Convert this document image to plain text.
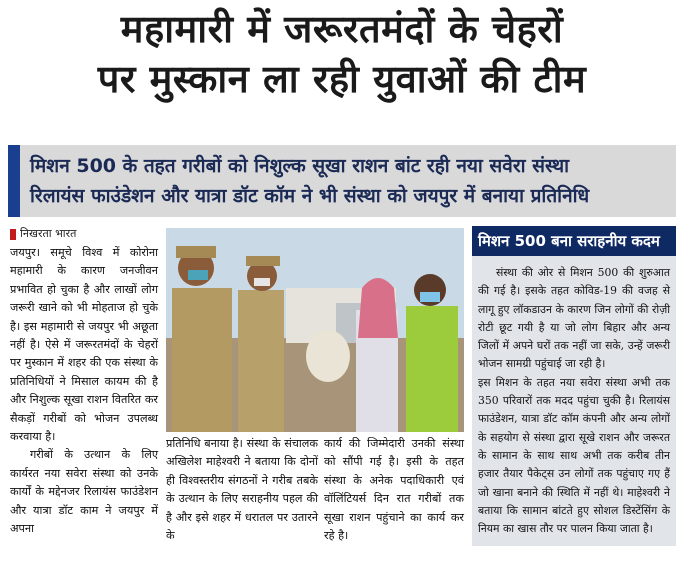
महामारी में जरूरतमंदों के चेहरों
पर मुस्कान ला रही युवाओं की टीम
मिशन 500 के तहत गरीबों को निशुल्क सूखा राशन बांट रही नया सवेरा संस्था
रिलायंस फाउंडेशन और यात्रा डॉट कॉम ने भी संस्था को जयपुर में बनाया प्रतिनिधि
निखरता भारत

जयपुर। समूचे विश्व में कोरोना महामारी के कारण जनजीवन प्रभावित हो चुका है और लाखों लोग जरूरी खाने को भी मोहताज हो चुके है। इस महामारी से जयपुर भी अछूता नहीं है। ऐसे में जरूरतमंदों के चेहरों पर मुस्कान में शहर की एक संस्था के प्रतिनिधियों ने मिसाल कायम की है और निशुल्क सूखा राशन वितरित कर सैकड़ों गरीबों को भोजन उपलब्ध करवाया है।

गरीबों के उत्थान के लिए कार्यरत नया सवेरा संस्था को उनके कार्यों के मद्देनजर रिलायंस फाउंडेशन और यात्रा डॉट काम ने जयपुर में अपना

प्रतिनिधि बनाया है। संस्था के संचालक अखिलेश माहेश्वरी ने बताया कि दोनों ही विश्वस्तरीय संगठनों ने गरीब तबके के उत्थान के लिए सराहनीय पहल की है और इसे शहर में धरातल पर उतारने के

कार्य की जिम्मेदारी उनकी संस्था को सौंपी गई है। इसी के तहत संस्था के अनेक पदाधिकारी एवं वॉलिंटियर्स दिन रात गरीबों तक सूखा राशन पहुंचाने का कार्य कर रहे है।

मिशन 500 बना सराहनीय कदम

संस्था की ओर से मिशन 500 की शुरुआत की गई है। इसके तहत कोविड-19 की वजह से लागू हुए लॉकडाउन के कारण जिन लोगों की रोज़ी रोटी छूट गयी है या जो लोग बिहार और अन्य जिलों में अपने घरों तक नहीं जा सके, उन्हें जरूरी भोजन सामग्री पहुंचाई जा रही है।

इस मिशन के तहत नया सवेरा संस्था अभी तक 350 परिवारों तक मदद पहुंचा चुकी है। रिलायंस फाउंडेशन, यात्रा डॉट कॉम कंपनी और अन्य लोगों के सहयोग से संस्था द्वारा सूखे राशन और जरूरत के सामान के साथ साथ अभी तक करीब तीन हजार तैयार पैकेट्स उन लोगों तक पहुंचाए गए हैं जो खाना बनाने की स्थिति में नहीं थे। माहेश्वरी ने बताया कि सामान बांटते हुए सोशल डिस्टेंसिंग के नियम का खास तौर पर पालन किया जाता है।
